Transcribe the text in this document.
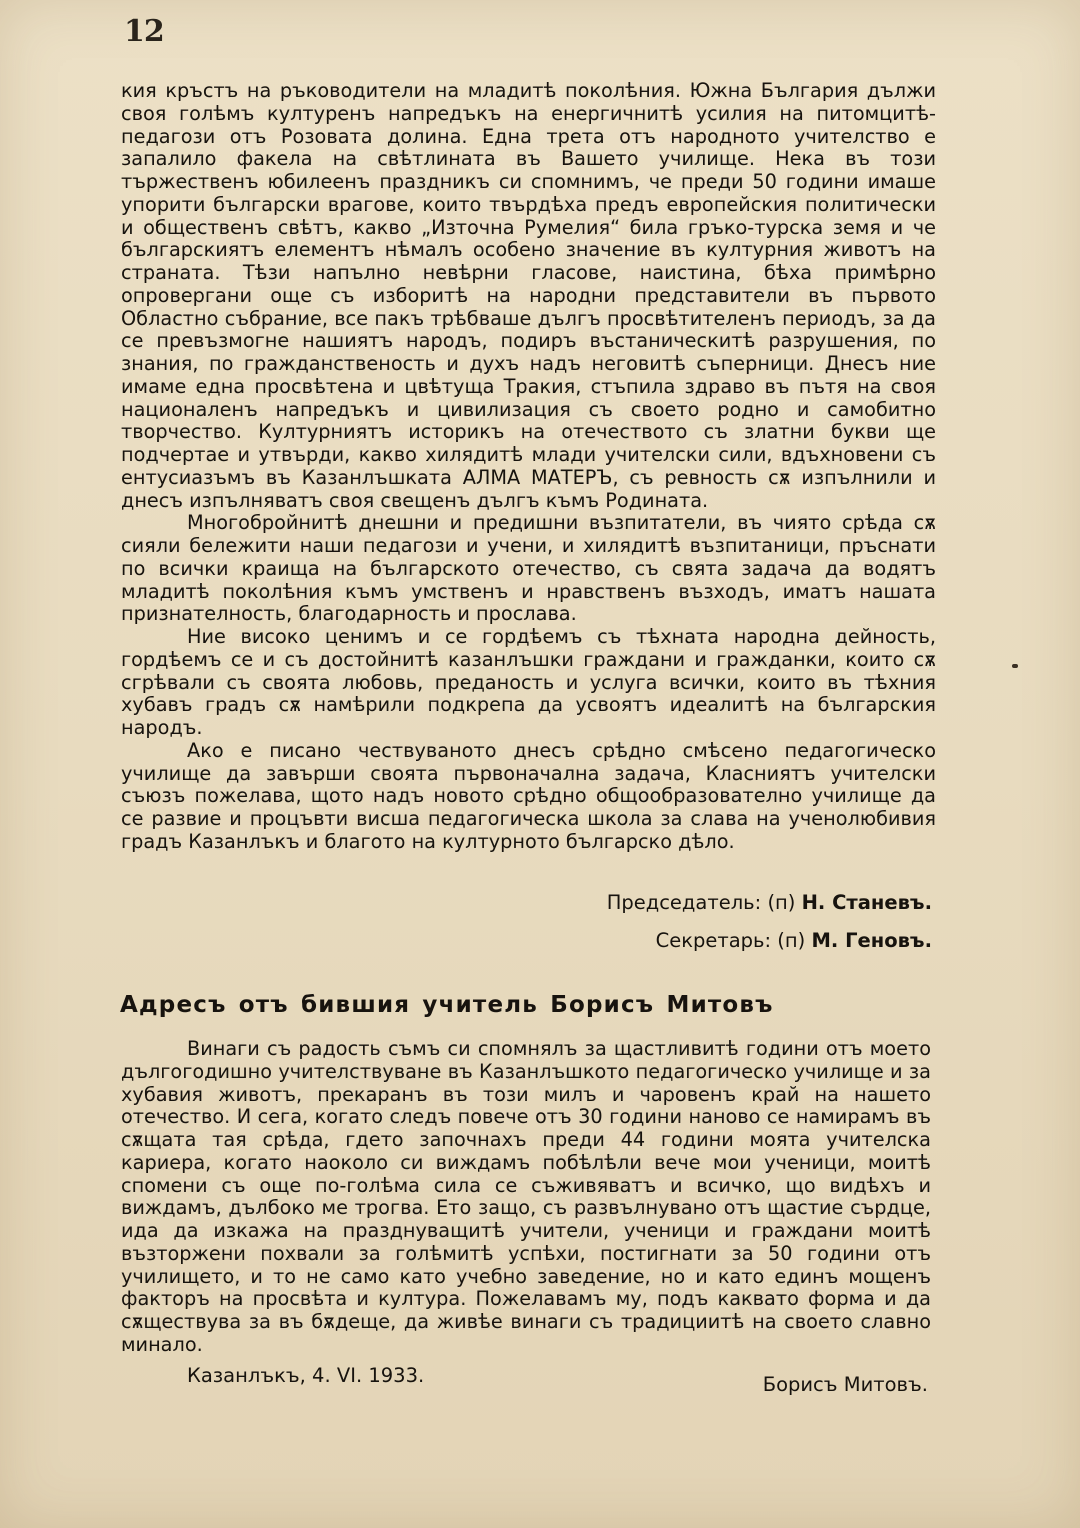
12

кия кръстъ на ръководители на младитѣ поколѣния. Южна България дължи своя голѣмъ културенъ напредъкъ на енергичнитѣ усилия на питомцитѣ-педагози отъ Розовата долина. Една трета отъ народното учителство е запалило факела на свѣтлината въ Вашето училище. Нека въ този тържественъ юбилеенъ праздникъ си спомнимъ, че преди 50 години имаше упорити български врагове, които твърдѣха предъ европейския политически и общественъ свѣтъ, какво „Източна Румелия“ била гръко-турска земя и че българскиятъ елементъ нѣмалъ особено значение въ културния животъ на страната. Тѣзи напълно невѣрни гласове, наистина, бѣха примѣрно опровергани още съ изборитѣ на народни представители въ първото Областно събрание, все пакъ трѣбваше дългъ просвѣтителенъ периодъ, за да се превъзмогне нашиятъ народъ, подиръ въстаническитѣ разрушения, по знания, по гражданственость и духъ надъ неговитѣ съперници. Днесъ ние имаме една просвѣтена и цвѣтуща Тракия, стъпила здраво въ пътя на своя националенъ напредъкъ и цивилизация съ своето родно и самобитно творчество. Културниятъ историкъ на отечеството съ златни букви ще подчертае и утвърди, какво хилядитѣ млади учителски сили, вдъхновени съ ентусиазъмъ въ Казанлъшката АЛМА МАТЕРЪ, съ ревность сѫ изпълнили и днесъ изпълняватъ своя свещенъ дългъ къмъ Родината.

Многобройнитѣ днешни и предишни възпитатели, въ чиято срѣда сѫ сияли бележити наши педагози и учени, и хилядитѣ възпитаници, пръснати по всички краища на българското отечество, съ свята задача да водятъ младитѣ поколѣния къмъ умственъ и нравственъ възходъ, иматъ нашата признателность, благодарность и прослава.

Ние високо ценимъ и се гордѣемъ съ тѣхната народна дейность, гордѣемъ се и съ достойнитѣ казанлъшки граждани и гражданки, които сѫ сгрѣвали съ своята любовь, преданость и услуга всички, които въ тѣхния хубавъ градъ сѫ намѣрили подкрепа да усвоятъ идеалитѣ на българския народъ.

Ако е писано чествуваното днесъ срѣдно смѣсено педагогическо училище да завърши своята първоначална задача, Класниятъ учителски съюзъ пожелава, щото надъ новото срѣдно общообразователно училище да се развие и процъвти висша педагогическа школа за слава на ученолюбивия градъ Казанлъкъ и благото на културното българско дѣло.

Председатель: (п) Н. Станевъ.
Секретарь: (п) М. Геновъ.
Адресъ отъ бившия учитель Борисъ Митовъ

Винаги съ радость съмъ си спомнялъ за щастливитѣ години отъ моето дългогодишно учителствуване въ Казанлъшкото педагогическо училище и за хубавия животъ, прекаранъ въ този милъ и чаровенъ край на нашето отечество. И сега, когато следъ повече отъ 30 години наново се намирамъ въ сѫщата тая срѣда, гдето започнахъ преди 44 години моята учителска кариера, когато наоколо си виждамъ побѣлѣли вече мои ученици, моитѣ спомени съ още по-голѣма сила се съживяватъ и всичко, що видѣхъ и виждамъ, дълбоко ме трогва. Ето защо, съ развълнувано отъ щастие сърдце, ида да изкажа на празднуващитѣ учители, ученици и граждани моитѣ възторжени похвали за голѣмитѣ успѣхи, постигнати за 50 години отъ училището, и то не само като учебно заведение, но и като единъ мощенъ факторъ на просвѣта и култура. Пожелавамъ му, подъ каквато форма и да сѫществува за въ бѫдеще, да живѣе винаги съ традициитѣ на своето славно минало.

Казанлъкъ, 4. VI. 1933.	Борисъ Митовъ.
